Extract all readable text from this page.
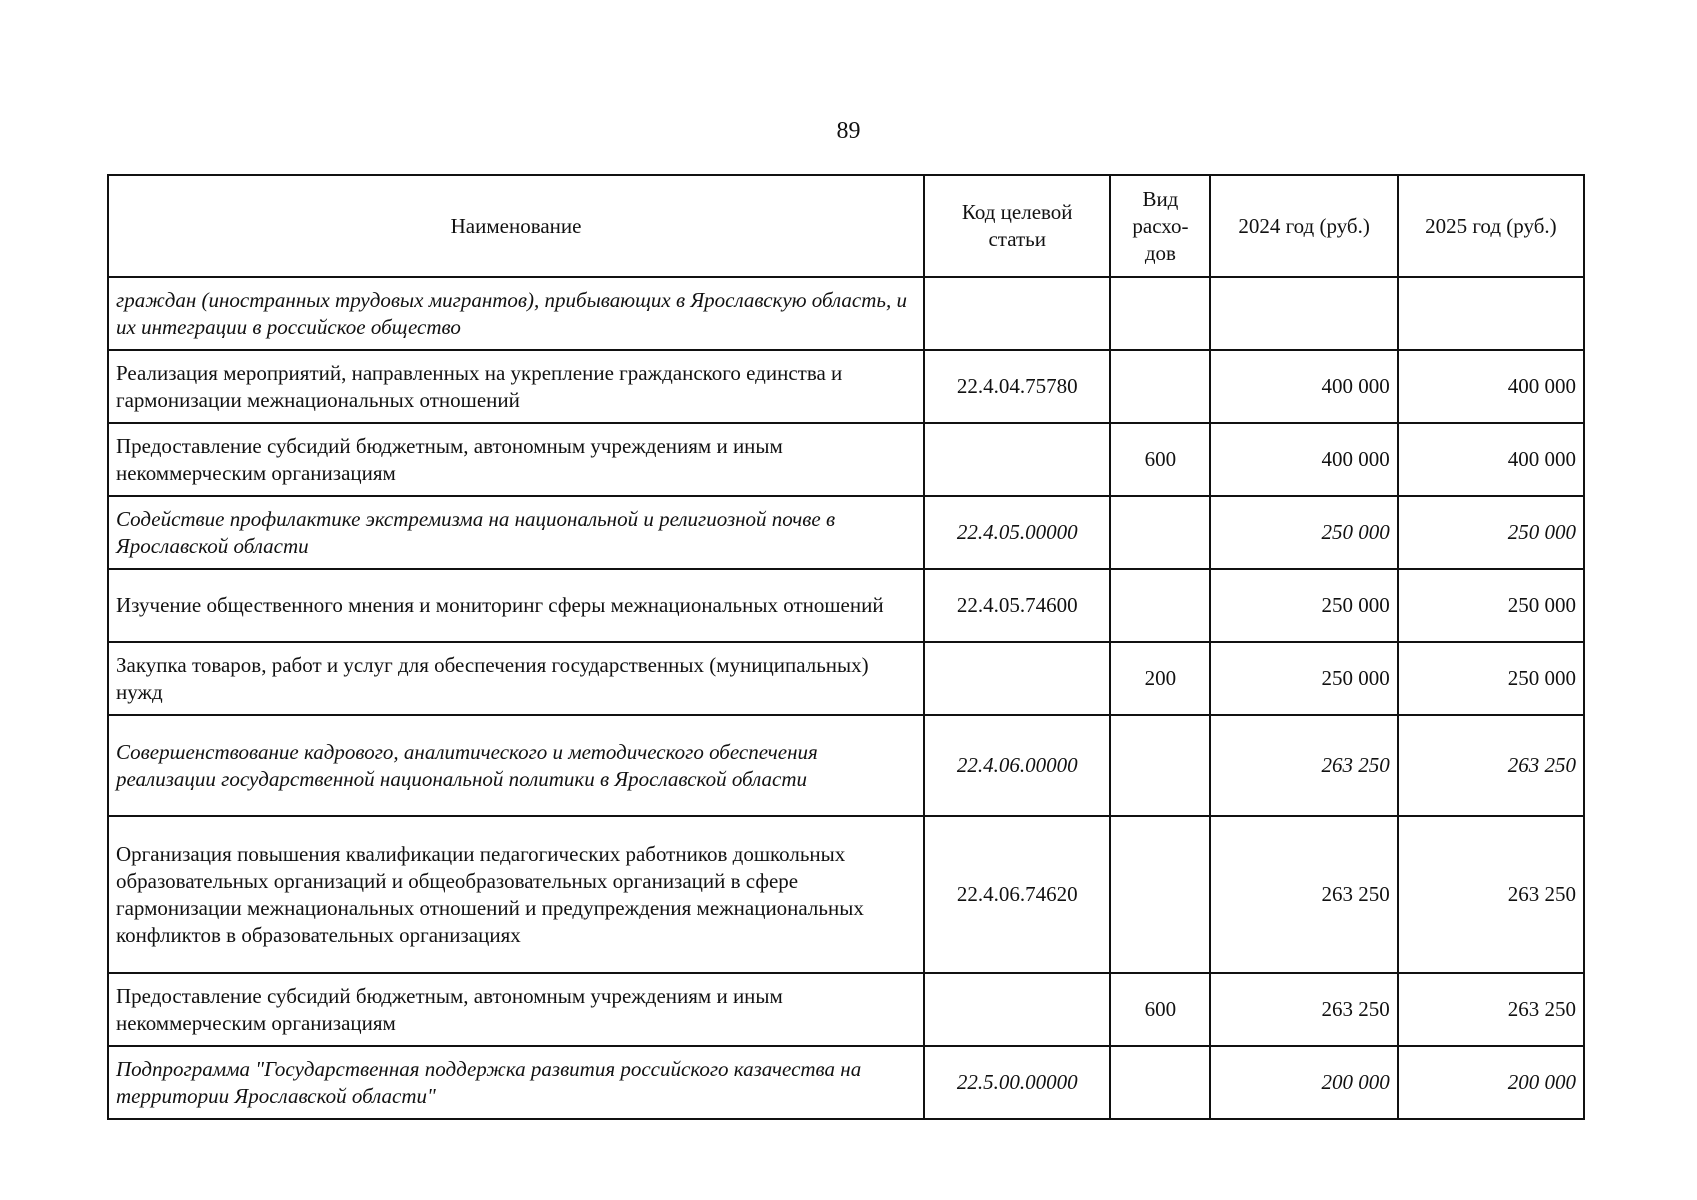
89
Наименование	Код целевой статьи	Вид расхо-дов	2024 год (руб.)	2025 год (руб.)
граждан (иностранных трудовых мигрантов), прибывающих в Ярославскую область, и их интеграции в российское общество				
Реализация мероприятий, направленных на укрепление гражданского единства и гармонизации межнациональных отношений	22.4.04.75780		400 000	400 000
Предоставление субсидий бюджетным, автономным учреждениям и иным некоммерческим организациям		600	400 000	400 000
Содействие профилактике экстремизма на национальной и религиозной почве в Ярославской области	22.4.05.00000		250 000	250 000
Изучение общественного мнения и мониторинг сферы межнациональных отношений	22.4.05.74600		250 000	250 000
Закупка товаров, работ и услуг для обеспечения государственных (муниципальных) нужд		200	250 000	250 000
Совершенствование кадрового, аналитического и методического обеспечения реализации государственной национальной политики в Ярославской области	22.4.06.00000		263 250	263 250
Организация повышения квалификации педагогических работников дошкольных образовательных организаций и общеобразовательных организаций в сфере гармонизации межнациональных отношений и предупреждения межнациональных конфликтов в образовательных организациях	22.4.06.74620		263 250	263 250
Предоставление субсидий бюджетным, автономным учреждениям и иным некоммерческим организациям		600	263 250	263 250
Подпрограмма "Государственная поддержка развития российского казачества на территории Ярославской области"	22.5.00.00000		200 000	200 000
